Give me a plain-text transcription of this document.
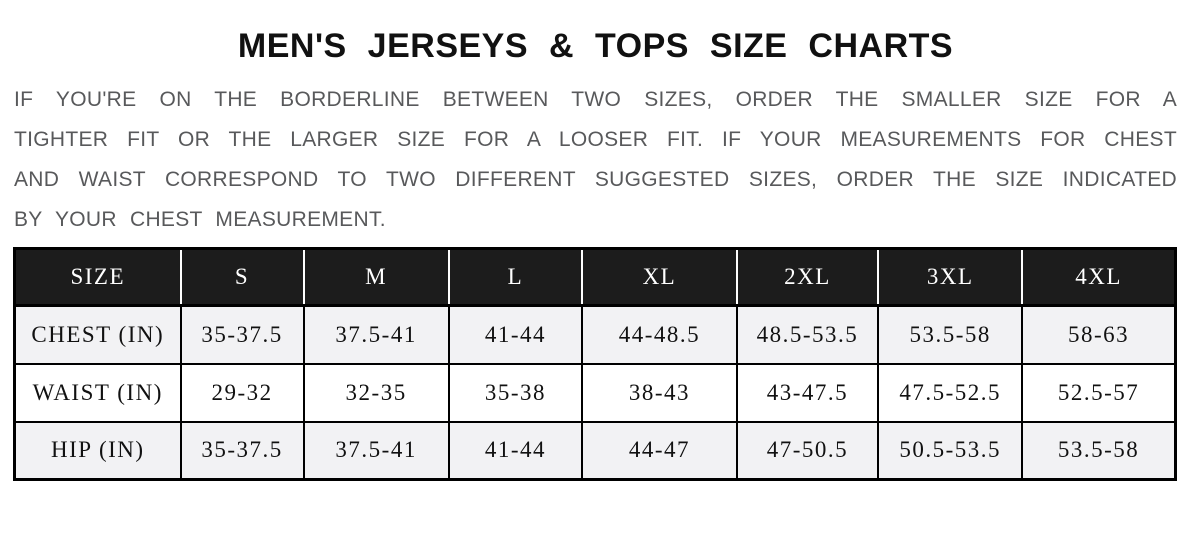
MEN'S JERSEYS & TOPS SIZE CHARTS
IF YOU'RE ON THE BORDERLINE BETWEEN TWO SIZES, ORDER THE SMALLER SIZE FOR A
TIGHTER FIT OR THE LARGER SIZE FOR A LOOSER FIT. IF YOUR MEASUREMENTS FOR CHEST
AND WAIST CORRESPOND TO TWO DIFFERENT SUGGESTED SIZES, ORDER THE SIZE INDICATED
BY YOUR CHEST MEASUREMENT.
SIZE	S	M	L	XL	2XL	3XL	4XL
CHEST (IN)	35-37.5	37.5-41	41-44	44-48.5	48.5-53.5	53.5-58	58-63
WAIST (IN)	29-32	32-35	35-38	38-43	43-47.5	47.5-52.5	52.5-57
HIP (IN)	35-37.5	37.5-41	41-44	44-47	47-50.5	50.5-53.5	53.5-58
